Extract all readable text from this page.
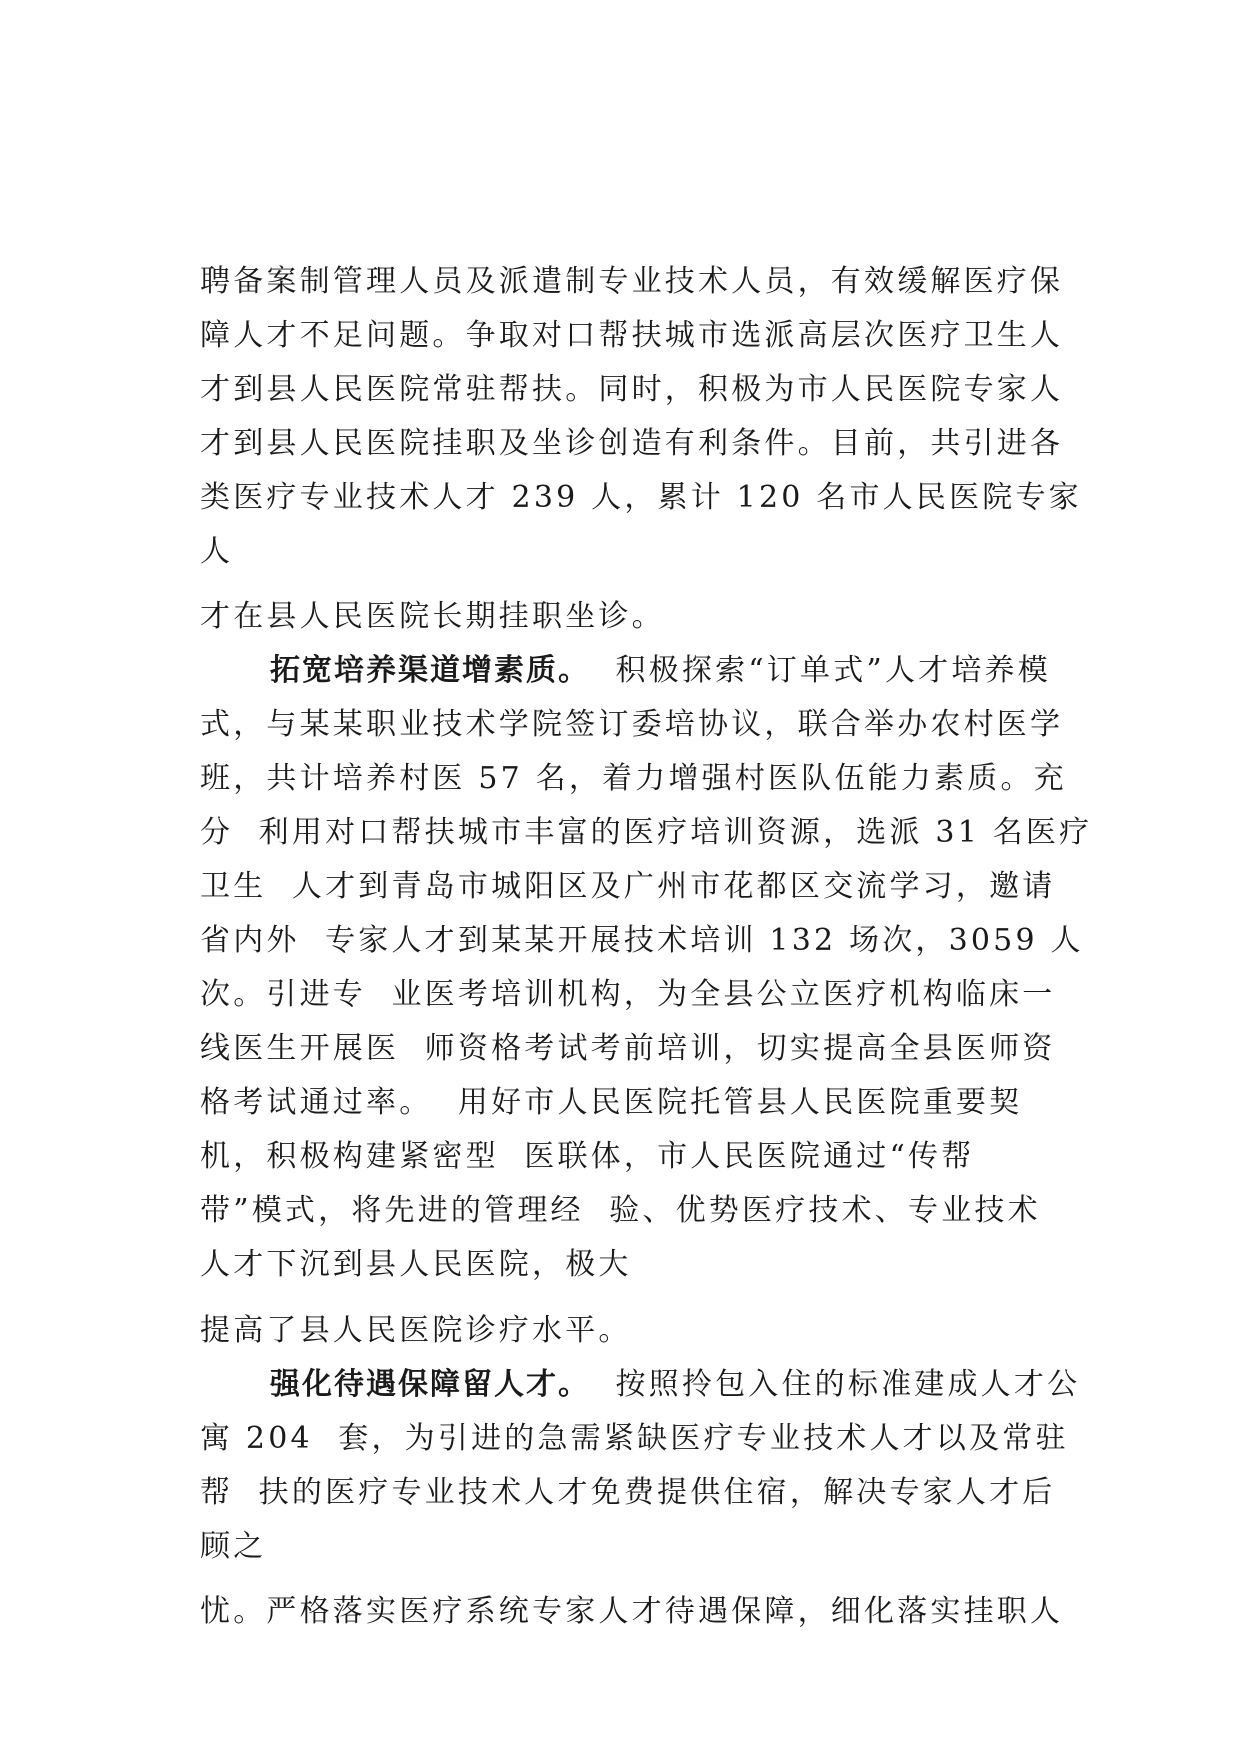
聘备案制管理人员及派遣制专业技术人员，有效缓解医疗保
障人才不足问题。争取对口帮扶城市选派高层次医疗卫生人
才到县人民医院常驻帮扶。同时，积极为市人民医院专家人
才到县人民医院挂职及坐诊创造有利条件。目前，共引进各
类医疗专业技术人才 239 人，累计 120 名市人民医院专家
人
才在县人民医院长期挂职坐诊。
拓宽培养渠道增素质。  积极探索“订单式”人才培养模
式，与某某职业技术学院签订委培协议，联合举办农村医学
班，共计培养村医 57 名，着力增强村医队伍能力素质。充
分  利用对口帮扶城市丰富的医疗培训资源，选派 31 名医疗
卫生  人才到青岛市城阳区及广州市花都区交流学习，邀请
省内外  专家人才到某某开展技术培训 132 场次，3059 人
次。引进专  业医考培训机构，为全县公立医疗机构临床一
线医生开展医  师资格考试考前培训，切实提高全县医师资
格考试通过率。  用好市人民医院托管县人民医院重要契
机，积极构建紧密型  医联体，市人民医院通过“传帮
带”模式，将先进的管理经  验、优势医疗技术、专业技术
人才下沉到县人民医院，极大
提高了县人民医院诊疗水平。
强化待遇保障留人才。  按照拎包入住的标准建成人才公
寓 204  套，为引进的急需紧缺医疗专业技术人才以及常驻
帮  扶的医疗专业技术人才免费提供住宿，解决专家人才后
顾之
忧。严格落实医疗系统专家人才待遇保障，细化落实挂职人
